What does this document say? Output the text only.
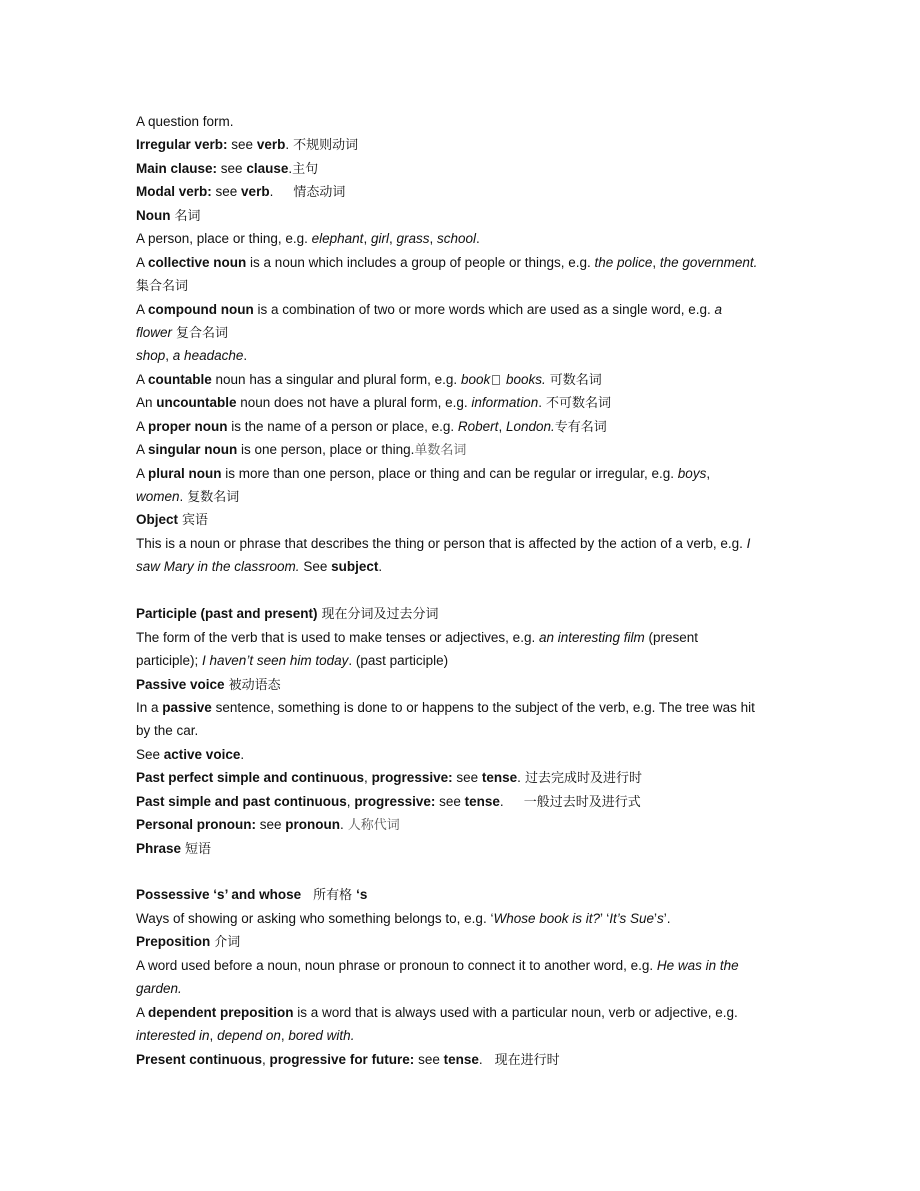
A question form.
Irregular verb: see verb. 不规则动词
Main clause: see clause.主句
Modal verb: see verb. 情态动词
Noun 名词
A person, place or thing, e.g. elephant, girl, grass, school.
A collective noun is a noun which includes a group of people or things, e.g. the police, the government.
集合名词
A compound noun is a combination of two or more words which are used as a single word, e.g. a
flower 复合名词
shop, a headache.
A countable noun has a singular and plural form, e.g. book books. 可数名词
An uncountable noun does not have a plural form, e.g. information. 不可数名词
A proper noun is the name of a person or place, e.g. Robert, London.专有名词
A singular noun is one person, place or thing.单数名词
A plural noun is more than one person, place or thing and can be regular or irregular, e.g. boys,
women. 复数名词
Object 宾语
This is a noun or phrase that describes the thing or person that is affected by the action of a verb, e.g. I
saw Mary in the classroom. See subject.
Participle (past and present) 现在分词及过去分词
The form of the verb that is used to make tenses or adjectives, e.g. an interesting film (present
participle); I haven’t seen him today. (past participle)
Passive voice 被动语态
In a passive sentence, something is done to or happens to the subject of the verb, e.g. The tree was hit
by the car.
See active voice.
Past perfect simple and continuous, progressive: see tense. 过去完成时及进行时
Past simple and past continuous, progressive: see tense. 一般过去时及进行式
Personal pronoun: see pronoun. 人称代词
Phrase 短语
Possessive ‘s’ and whose 所有格 ‘s
Ways of showing or asking who something belongs to, e.g. ‘Whose book is it?’ ‘It’s Sue’s’.
Preposition 介词
A word used before a noun, noun phrase or pronoun to connect it to another word, e.g. He was in the
garden.
A dependent preposition is a word that is always used with a particular noun, verb or adjective, e.g.
interested in, depend on, bored with.
Present continuous, progressive for future: see tense. 现在进行时
